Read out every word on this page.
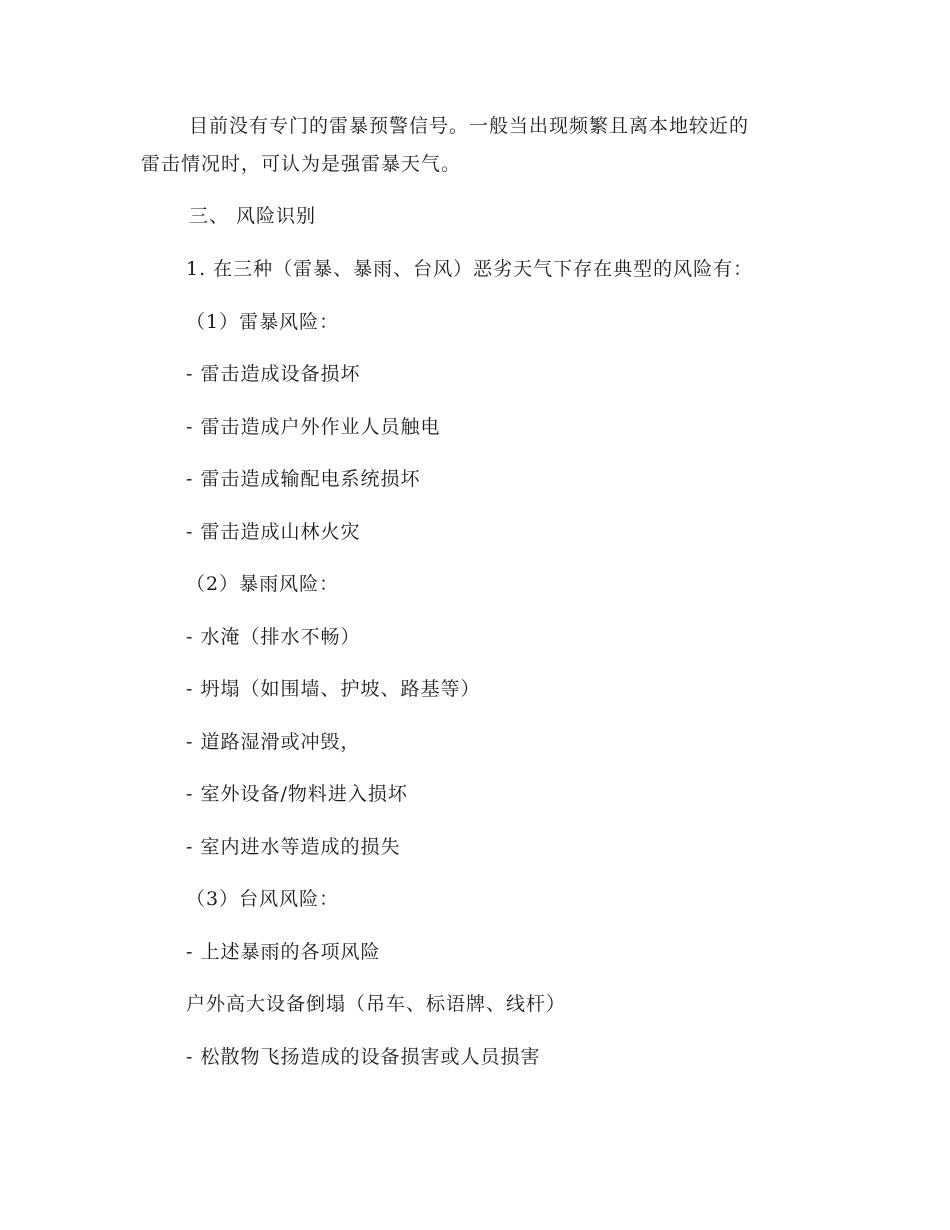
目前没有专门的雷暴预警信号。一般当出现频繁且离本地较近的
雷击情况时，可认为是强雷暴天气。
三、 风险识别
1. 在三种（雷暴、暴雨、台风）恶劣天气下存在典型的风险有：
（1）雷暴风险：
- 雷击造成设备损坏
- 雷击造成户外作业人员触电
- 雷击造成输配电系统损坏
- 雷击造成山林火灾
（2）暴雨风险：
- 水淹（排水不畅）
- 坍塌（如围墙、护坡、路基等）
- 道路湿滑或冲毁，
- 室外设备/物料进入损坏
- 室内进水等造成的损失
（3）台风风险：
- 上述暴雨的各项风险
户外高大设备倒塌（吊车、标语牌、线杆）
- 松散物飞扬造成的设备损害或人员损害
